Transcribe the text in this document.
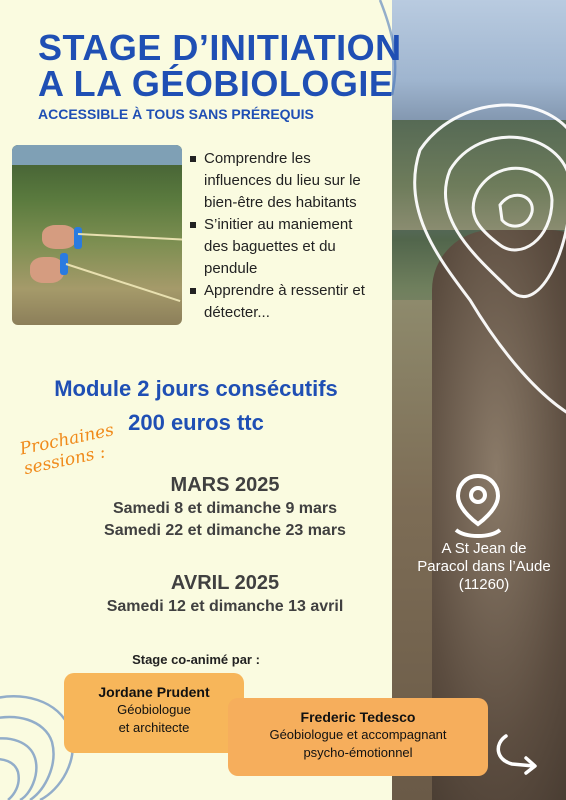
STAGE D’INITIATION
A LA GÉOBIOLOGIE
ACCESSIBLE À TOUS SANS PRÉREQUIS
Comprendre les influences du lieu sur le bien-être des habitants
S’initier au maniement des baguettes et du pendule
Apprendre à ressentir et détecter...
Module 2 jours consécutifs
200 euros ttc
Prochaines sessions :
MARS 2025
Samedi 8 et dimanche 9 mars
Samedi 22 et dimanche 23 mars
AVRIL 2025
Samedi 12 et dimanche 13 avril
A St Jean de Paracol dans l’Aude (11260)
Stage co-animé par :
Jordane Prudent
Géobiologue
et architecte
Frederic Tedesco
Géobiologue et accompagnant
psycho-émotionnel
